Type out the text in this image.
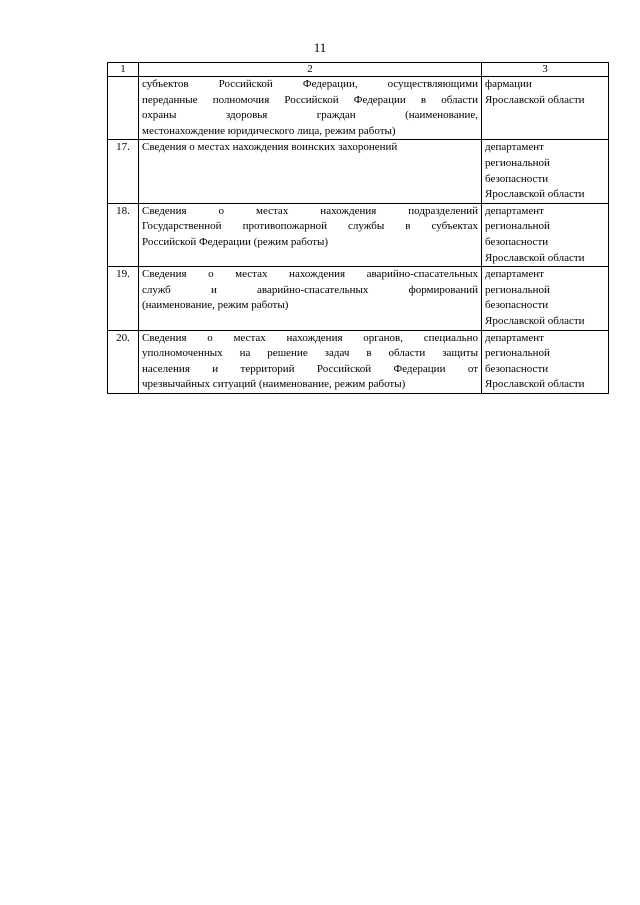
11
1	2	3

	субъектов Российской Федерации, осуществляющими
переданные полномочия Российской Федерации в области
охраны здоровья граждан (наименование,
местонахождение юридического лица, режим работы)	фармации
Ярославской области

17.	Сведения о местах нахождения воинских захоронений	департамент
региональной
безопасности
Ярославской области

18.	Сведения о местах нахождения подразделений
Государственной противопожарной службы в субъектах
Российской Федерации (режим работы)	департамент
региональной
безопасности
Ярославской области

19.	Сведения о местах нахождения аварийно-спасательных
служб и аварийно-спасательных формирований
(наименование, режим работы)	департамент
региональной
безопасности
Ярославской области

20.	Сведения о местах нахождения органов, специально
уполномоченных на решение задач в области защиты
населения и территорий Российской Федерации от
чрезвычайных ситуаций (наименование, режим работы)	департамент
региональной
безопасности
Ярославской области
